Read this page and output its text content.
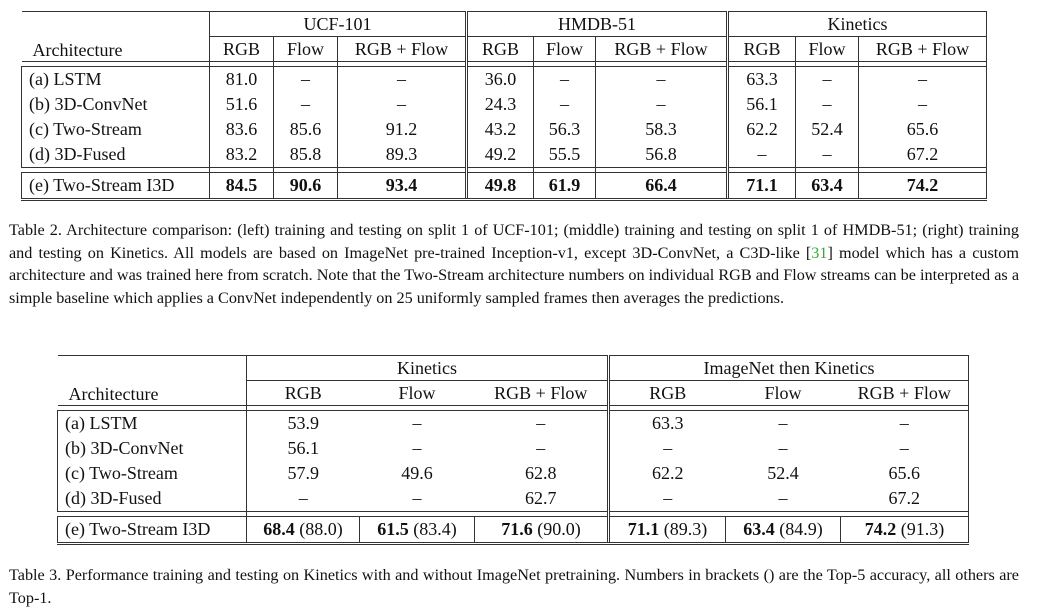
	UCF-101			HMDB-51			Kinetics		
Architecture	RGB	Flow	RGB + Flow	RGB	Flow	RGB + Flow	RGB	Flow	RGB + Flow

(a) LSTM	81.0	–	–	36.0	–	–	63.3	–	–
(b) 3D-ConvNet	51.6	–	–	24.3	–	–	56.1	–	–
(c) Two-Stream	83.6	85.6	91.2	43.2	56.3	58.3	62.2	52.4	65.6
(d) 3D-Fused	83.2	85.8	89.3	49.2	55.5	56.8	–	–	67.2

(e) Two-Stream I3D	84.5	90.6	93.4	49.8	61.9	66.4	71.1	63.4	74.2

Table 2. Architecture comparison: (left) training and testing on split 1 of UCF-101; (middle) training and testing on split 1 of HMDB-51; (right) training and testing on Kinetics. All models are based on ImageNet pre-trained Inception-v1, except 3D-ConvNet, a C3D-like [31] model which has a custom architecture and was trained here from scratch. Note that the Two-Stream architecture numbers on individual RGB and Flow streams can be interpreted as a simple baseline which applies a ConvNet independently on 25 uniformly sampled frames then averages the predictions.

	Kinetics			ImageNet then Kinetics		
Architecture	RGB	Flow	RGB + Flow	RGB	Flow	RGB + Flow

(a) LSTM	53.9	–	–	63.3	–	–
(b) 3D-ConvNet	56.1	–	–	–	–	–
(c) Two-Stream	57.9	49.6	62.8	62.2	52.4	65.6
(d) 3D-Fused	–	–	62.7	–	–	67.2

(e) Two-Stream I3D	68.4 (88.0)	61.5 (83.4)	71.6 (90.0)	71.1 (89.3)	63.4 (84.9)	74.2 (91.3)

Table 3. Performance training and testing on Kinetics with and without ImageNet pretraining. Numbers in brackets () are the Top-5 accuracy, all others are Top-1.
